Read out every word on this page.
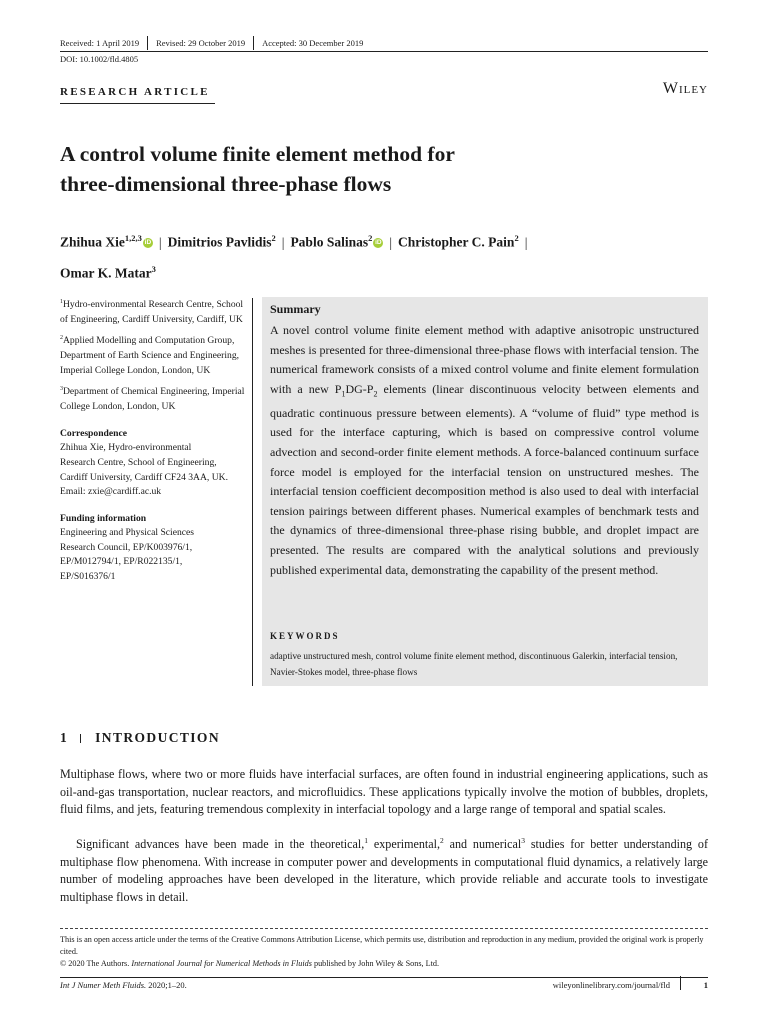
Received: 1 April 2019 Revised: 29 October 2019 Accepted: 30 December 2019
DOI: 10.1002/fld.4805
RESEARCH ARTICLE	Wiley
A control volume finite element method for
three-dimensional three-phase flows
Zhihua Xie$^{1,2,3}$ iD | Dimitrios Pavlidis$^2$ | Pablo Salinas$^2$ iD | Christopher C. Pain$^2$ |
Omar K. Matar$^3$
$^1$Hydro-environmental Research Centre, School of Engineering, Cardiff University, Cardiff, UK
$^2$Applied Modelling and Computation Group, Department of Earth Science and Engineering, Imperial College London, London, UK
$^3$Department of Chemical Engineering, Imperial College London, London, UK
Correspondence
Zhihua Xie, Hydro-environmental
Research Centre, School of Engineering,
Cardiff University, Cardiff CF24 3AA, UK.
Email: zxie@cardiff.ac.uk
Funding information
Engineering and Physical Sciences
Research Council, EP/K003976/1,
EP/M012794/1, EP/R022135/1,
EP/S016376/1
Summary
A novel control volume finite element method with adaptive anisotropic unstructured meshes is presented for three-dimensional three-phase flows with interfacial tension. The numerical framework consists of a mixed control volume and finite element formulation with a new $P_1DG-P_2$ elements (linear discontinuous velocity between elements and quadratic continuous pressure between elements). A “volume of fluid” type method is used for the interface capturing, which is based on compressive control volume advection and second-order finite element methods. A force-balanced continuum surface force model is employed for the interfacial tension on unstructured meshes. The interfacial tension coefficient decomposition method is also used to deal with interfacial tension pairings between different phases. Numerical examples of benchmark tests and the dynamics of three-dimensional three-phase rising bubble, and droplet impact are presented. The results are compared with the analytical solutions and previously published experimental data, demonstrating the capability of the present method.
KEYWORDS
adaptive unstructured mesh, control volume finite element method, discontinuous Galerkin, interfacial tension, Navier-Stokes model, three-phase flows
1 INTRODUCTION
Multiphase flows, where two or more fluids have interfacial surfaces, are often found in industrial engineering applications, such as oil-and-gas transportation, nuclear reactors, and microfluidics. These applications typically involve the motion of bubbles, droplets, fluid films, and jets, featuring tremendous complexity in interfacial topology and a large range of temporal and spatial scales.
Significant advances have been made in the theoretical,$^1$ experimental,$^2$ and numerical$^3$ studies for better understanding of multiphase flow phenomena. With increase in computer power and developments in computational fluid dynamics, a relatively large number of modeling approaches have been developed in the literature, which provide reliable and accurate tools to investigate multiphase flows in detail.
This is an open access article under the terms of the Creative Commons Attribution License, which permits use, distribution and reproduction in any medium, provided the original work is properly cited.
© 2020 The Authors. International Journal for Numerical Methods in Fluids published by John Wiley & Sons, Ltd.
Int J Numer Meth Fluids. 2020;1–20.	wileyonlinelibrary.com/journal/fld	1
